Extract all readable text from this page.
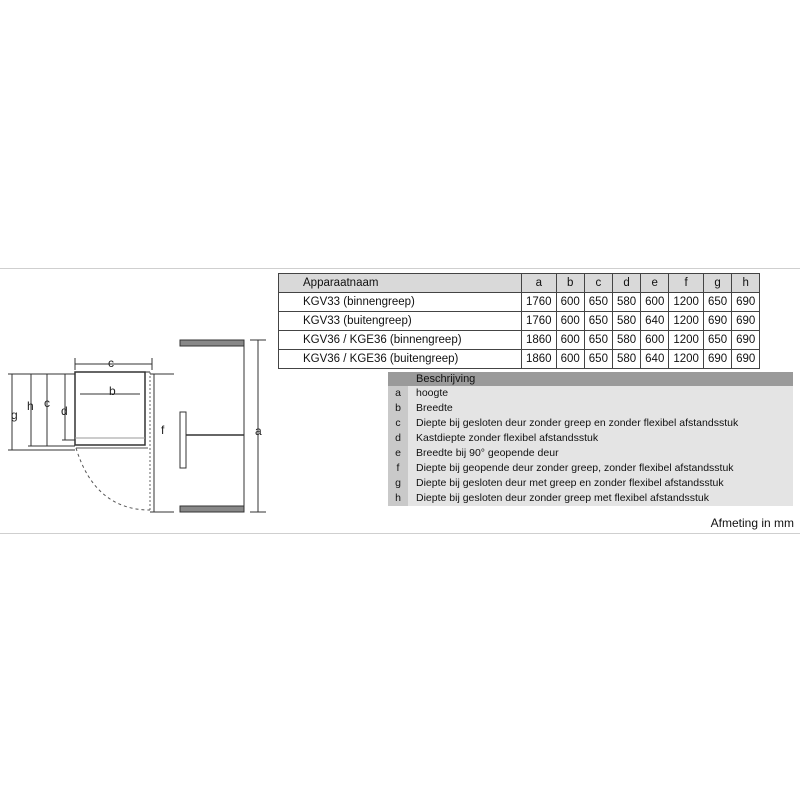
c
b
g
h c
d
f	a
Apparaatnaam	a	b	c	d	e	f	g	h
KGV33 (binnengreep)	1760	600	650	580	600	1200	650	690
KGV33 (buitengreep)	1760	600	650	580	640	1200	690	690
KGV36 / KGE36 (binnengreep)	1860	600	650	580	600	1200	650	690
KGV36 / KGE36 (buitengreep)	1860	600	650	580	640	1200	690	690
Beschrijving
a	hoogte
b	Breedte
c	Diepte bij gesloten deur zonder greep en zonder flexibel afstandsstuk
d	Kastdiepte zonder flexibel afstandsstuk
e	Breedte bij 90° geopende deur
f	Diepte bij geopende deur zonder greep, zonder flexibel afstandsstuk
g	Diepte bij gesloten deur met greep en zonder flexibel afstandsstuk
h	Diepte bij gesloten deur zonder greep met flexibel afstandsstuk
Afmeting in mm
